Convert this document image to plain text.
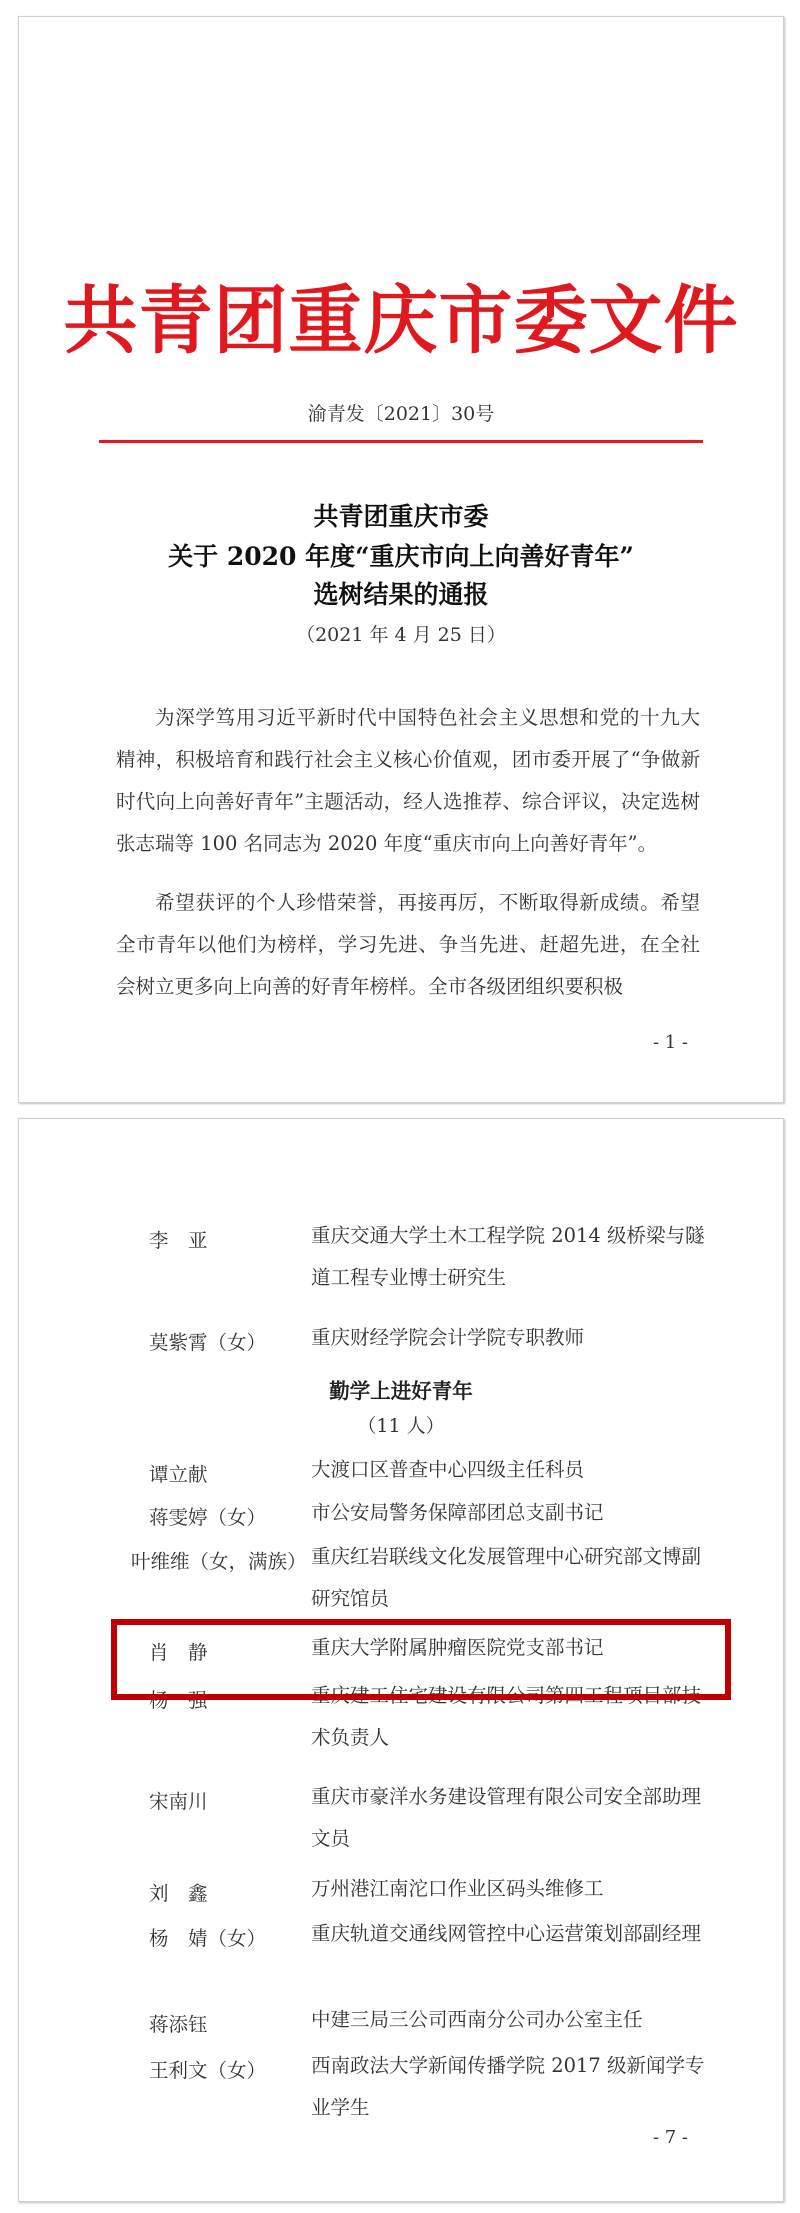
共青团重庆市委文件
渝青发〔2021〕30号
共青团重庆市委
关于 2020 年度“重庆市向上向善好青年”
选树结果的通报
（2021 年 4 月 25 日）

为深学笃用习近平新时代中国特色社会主义思想和党的十九大精神，积极培育和践行社会主义核心价值观，团市委开展了“争做新时代向上向善好青年”主题活动，经人选推荐、综合评议，决定选树张志瑞等 100 名同志为 2020 年度“重庆市向上向善好青年”。

希望获评的个人珍惜荣誉，再接再厉，不断取得新成绩。希望全市青年以他们为榜样，学习先进、争当先进、赶超先进，在全社会树立更多向上向善的好青年榜样。全市各级团组织要积极

- 1 -
李　亚	重庆交通大学土木工程学院 2014 级桥梁与隧道工程专业博士研究生
莫紫霄（女） 重庆财经学院会计学院专职教师
勤学上进好青年
（11 人）
谭立献	大渡口区普查中心四级主任科员
蒋雯婷（女） 市公安局警务保障部团总支副书记
叶维维（女，满族） 重庆红岩联线文化发展管理中心研究部文博副研究馆员
肖　静	重庆大学附属肿瘤医院党支部书记
杨　强	重庆建工住宅建设有限公司第四工程项目部技术负责人
宋南川	重庆市豪洋水务建设管理有限公司安全部助理文员
刘　鑫	万州港江南沱口作业区码头维修工
杨　婧（女） 重庆轨道交通线网管控中心运营策划部副经理
蒋添钰	中建三局三公司西南分公司办公室主任
王利文（女） 西南政法大学新闻传播学院 2017 级新闻学专业学生
- 7 -
